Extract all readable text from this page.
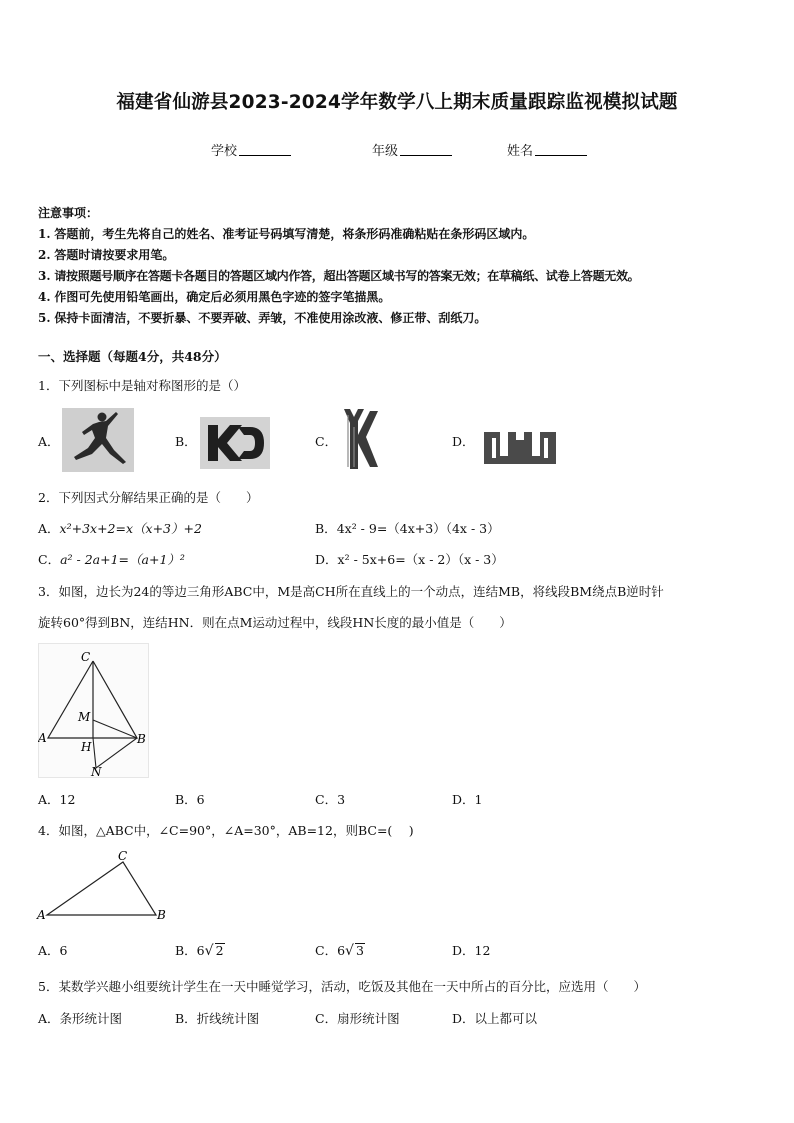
福建省仙游县2023-2024学年数学八上期末质量跟踪监视模拟试题
学校	年级	姓名
注意事项：
1. 答题前，考生先将自己的姓名、准考证号码填写清楚，将条形码准确粘贴在条形码区域内。
2. 答题时请按要求用笔。
3. 请按照题号顺序在答题卡各题目的答题区域内作答，超出答题区域书写的答案无效；在草稿纸、试卷上答题无效。
4. 作图可先使用铅笔画出，确定后必须用黑色字迹的签字笔描黑。
5. 保持卡面清洁，不要折暴、不要弄破、弄皱，不准使用涂改液、修正带、刮纸刀。
一、选择题（每题4分，共48分）
1．下列图标中是轴对称图形的是（）
A．	B．	C．	D．
2．下列因式分解结果正确的是（　　）
A．x²+3x+2=x（x+3）+2	B．4x² - 9=（4x+3）（4x - 3）
C．a² - 2a+1=（a+1）²	D．x² - 5x+6=（x - 2）（x - 3）
3．如图，边长为24的等边三角形ABC中，M是高CH所在直线上的一个动点，连结MB，将线段BM绕点B逆时针
旋转60°得到BN，连结HN．则在点M运动过程中，线段HN长度的最小值是（　　）
C
M
A
H
B
N
A．12	B．6	C．3	D．1
4．如图，△ABC中，∠C=90°，∠A=30°，AB=12，则BC=(　 )
C
A	B
A．6	B．6√ 2	C．6√ 3	D．12
5．某数学兴趣小组要统计学生在一天中睡觉学习，活动，吃饭及其他在一天中所占的百分比，应选用（　　）
A．条形统计图	B．折线统计图	C．扇形统计图	D．以上都可以
